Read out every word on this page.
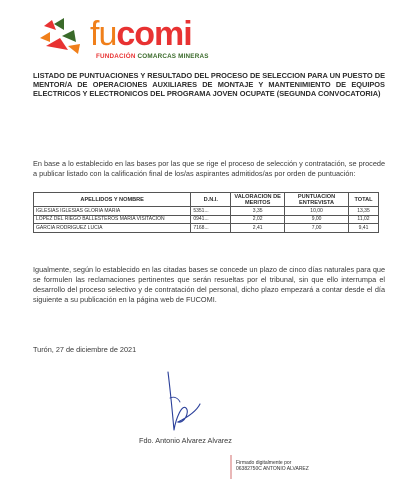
fucomi
FUNDACIÓN COMARCAS MINERAS
LISTADO DE PUNTUACIONES Y RESULTADO DEL PROCESO DE SELECCION PARA UN PUESTO DE MENTOR/A DE OPERACIONES AUXILIARES DE MONTAJE Y MANTENIMIENTO DE EQUIPOS ELECTRICOS Y ELECTRONICOS DEL PROGRAMA JOVEN OCUPATE (SEGUNDA CONVOCATORIA)
En base a lo establecido en las bases por las que se rige el proceso de selección y contratación, se procede a publicar listado con la calificación final de los/as aspirantes admitidos/as por orden de puntuación:
APELLIDOS Y NOMBRE	D.N.I.	VALORACION DE MERITOS	PUNTUACION ENTREVISTA	TOTAL
IGLESIAS IGLESIAS GLORIA MARIA	5351...	3,35	10,00	13,35
LOPEZ DEL RIEGO BALLESTEROS MARIA VISITACION	0941...	2,02	9,00	11,02
GARCIA RODRIGUEZ LUCIA	7168...	2,41	7,00	9,41
Igualmente, según lo establecido en las citadas bases se concede un plazo de cinco días naturales para que se formulen las reclamaciones pertinentes que serán resueltas por el tribunal, sin que ello interrumpa el desarrollo del proceso selectivo y de contratación del personal, dicho plazo empezará a contar desde el día siguiente a su publicación en la página web de FUCOMI.
Turón, 27 de diciembre de 2021
Fdo. Antonio Alvarez Alvarez
Firmado digitalmente por
06382750C ANTONIO ALVAREZ
